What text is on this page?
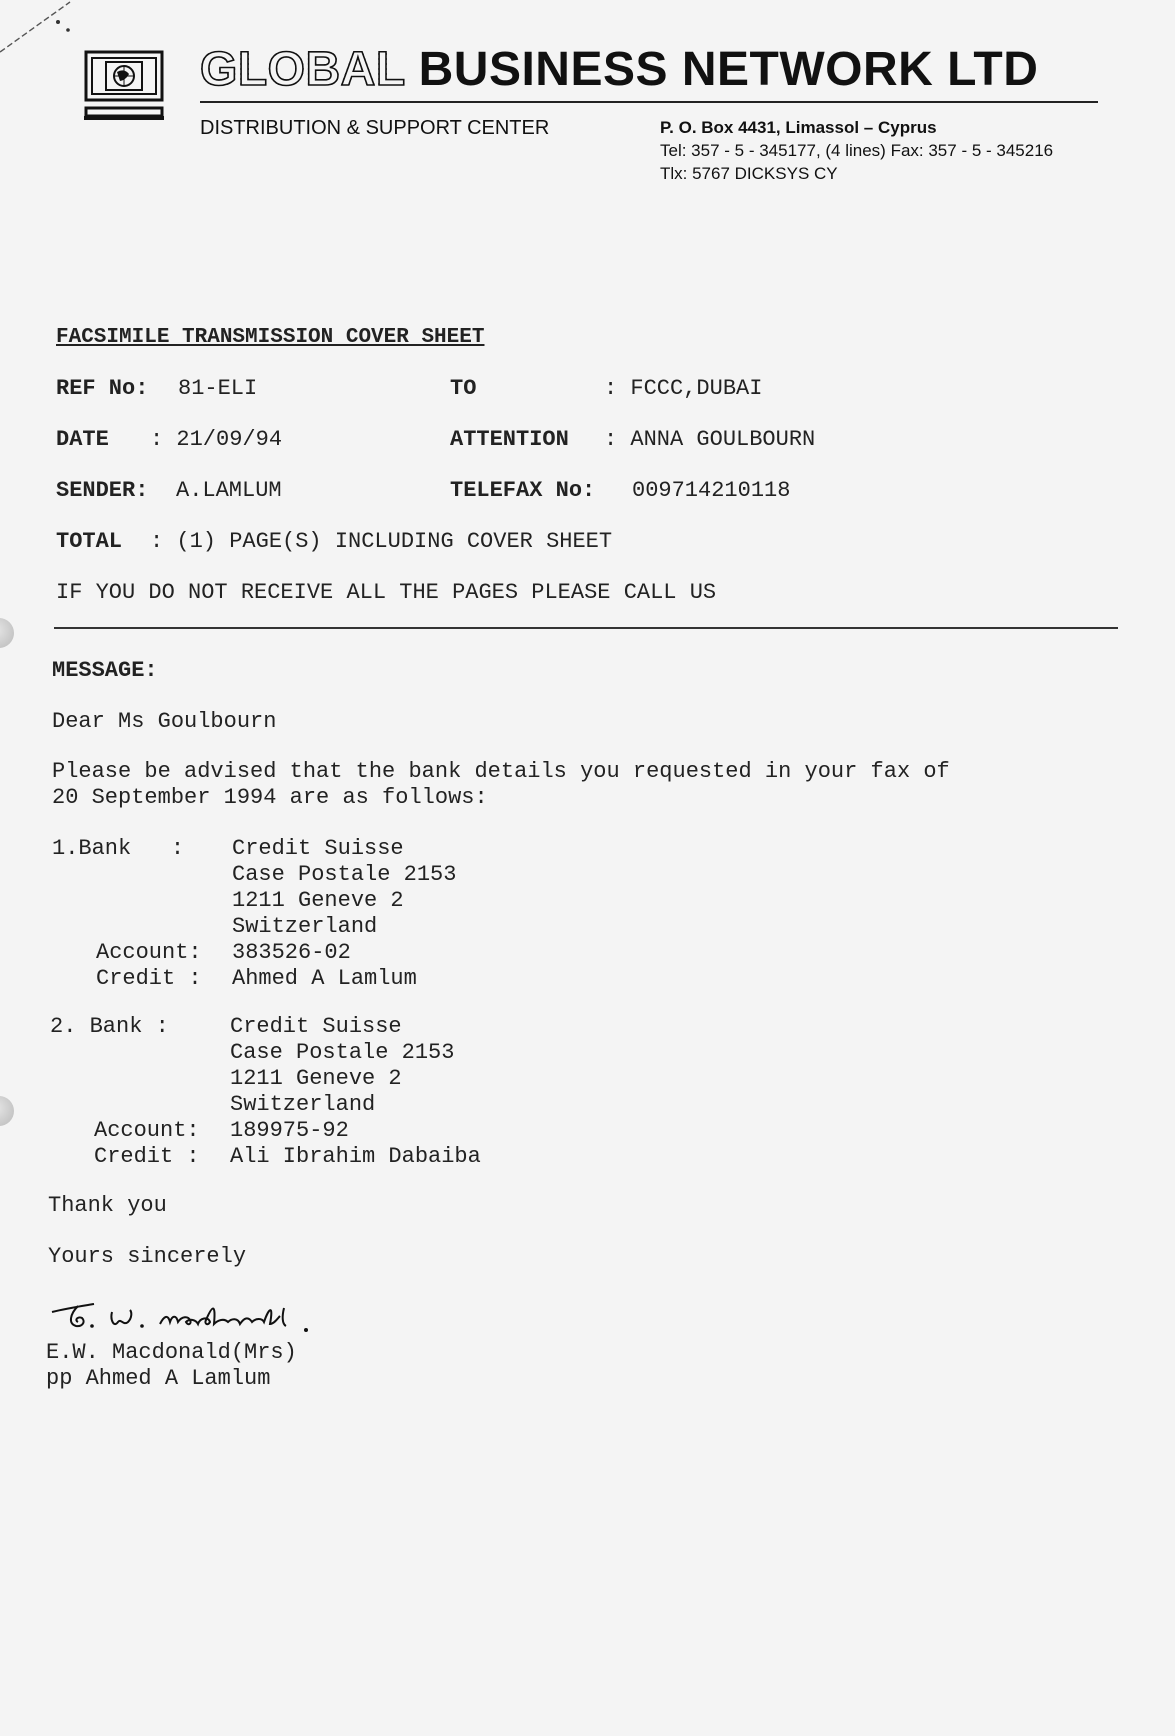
GLOBAL BUSINESS NETWORK LTD
DISTRIBUTION & SUPPORT CENTER	P. O. Box 4431, Limassol – Cyprus
Tel: 357 - 5 - 345177, (4 lines) Fax: 357 - 5 - 345216
Tlx: 5767 DICKSYS CY
FACSIMILE TRANSMISSION COVER SHEET
REF No: 81-ELI	TO	: FCCC,DUBAI
DATE : 21/09/94	ATTENTION : ANNA GOULBOURN
SENDER: A.LAMLUM	TELEFAX No: 009714210118
TOTAL : (1) PAGE(S) INCLUDING COVER SHEET
IF YOU DO NOT RECEIVE ALL THE PAGES PLEASE CALL US
MESSAGE:
Dear Ms Goulbourn
Please be advised that the bank details you requested in your fax of
20 September 1994 are as follows:
1.Bank   : Credit Suisse
Case Postale 2153
1211 Geneve 2
Switzerland
Account: 383526-02
Credit : Ahmed A Lamlum
2. Bank :	Credit Suisse
Case Postale 2153
1211 Geneve 2
Switzerland
Account: 189975-92
Credit : Ali Ibrahim Dabaiba
Thank you
Yours sincerely
E.W. Macdonald(Mrs)
pp Ahmed A Lamlum
